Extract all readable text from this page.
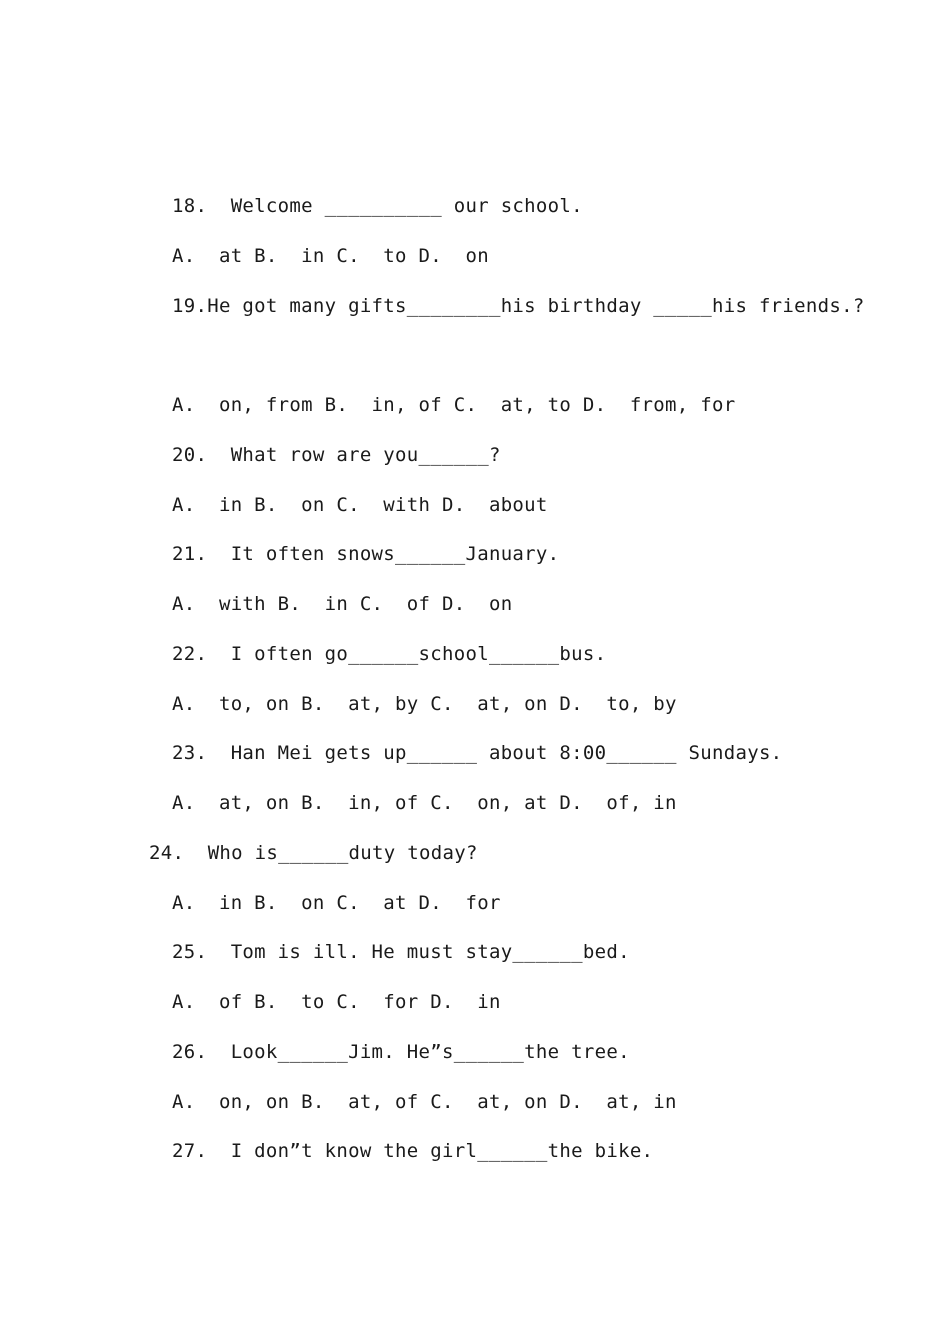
18.  Welcome __________ our school.
A.  at B.  in C.  to D.  on
19.He got many gifts________his birthday _____his friends.?
A.  on, from B.  in, of C.  at, to D.  from, for
20.  What row are you______?
A.  in B.  on C.  with D.  about
21.  It often snows______January.
A.  with B.  in C.  of D.  on
22.  I often go______school______bus.
A.  to, on B.  at, by C.  at, on D.  to, by
23.  Han Mei gets up______ about 8:00______ Sundays.
A.  at, on B.  in, of C.  on, at D.  of, in
24.  Who is______duty today?
A.  in B.  on C.  at D.  for
25.  Tom is ill. He must stay______bed.
A.  of B.  to C.  for D.  in
26.  Look______Jim. He”s______the tree.
A.  on, on B.  at, of C.  at, on D.  at, in
27.  I don”t know the girl______the bike.
